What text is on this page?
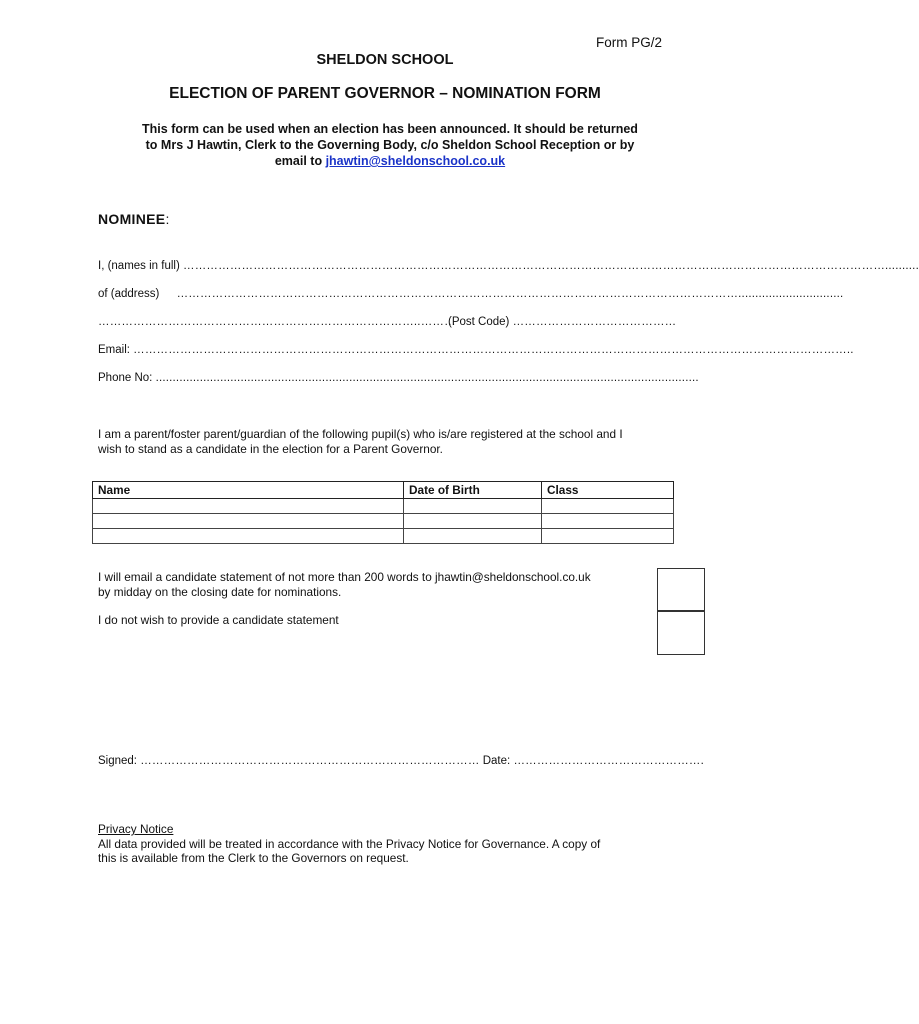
Form PG/2
SHELDON SCHOOL
ELECTION OF PARENT GOVERNOR – NOMINATION FORM
This form can be used when an election has been announced. It should be returned
to Mrs J Hawtin, Clerk to the Governing Body, c/o Sheldon School Reception or by
email to jhawtin@sheldonschool.co.uk
NOMINEE:
I, (names in full) ………………………………………………………………………………………………………………………………………………………………..........
of (address) ………………………………………………………………………………………………………………………………...............................
………………………………………………………………………..………
(Post Code) ……………………………………
Email: …………………………………………………………………………………………………………………………………………………………………..
Phone No: ................................................................................................................................................................
I am a parent/foster parent/guardian of the following pupil(s) who is/are registered at the school and I
wish to stand as a candidate in the election for a Parent Governor.
Name	Date of Birth	Class

I will email a candidate statement of not more than 200 words to jhawtin@sheldonschool.co.uk
by midday on the closing date for nominations.
I do not wish to provide a candidate statement
Signed: …………………………………………………………………………… Date: ………………………………………….
Privacy Notice
All data provided will be treated in accordance with the Privacy Notice for Governance. A copy of
this is available from the Clerk to the Governors on request.
